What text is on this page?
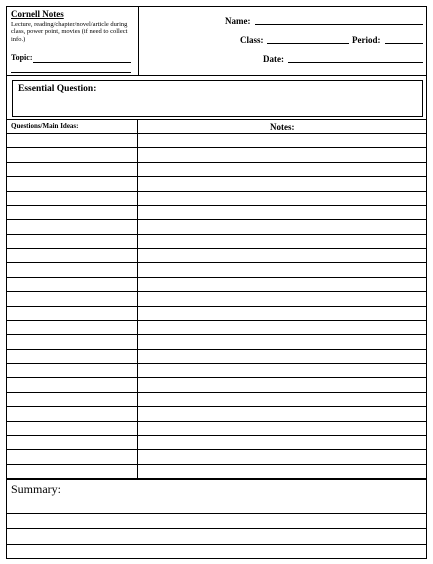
Cornell Notes
Lecture, reading/chapter/novel/article during class, power point, movies (if need to collect info.)
Topic:
Name:
Class:	Period:
Date:
Essential Question:
Questions/Main Ideas:	Notes:
Summary:
